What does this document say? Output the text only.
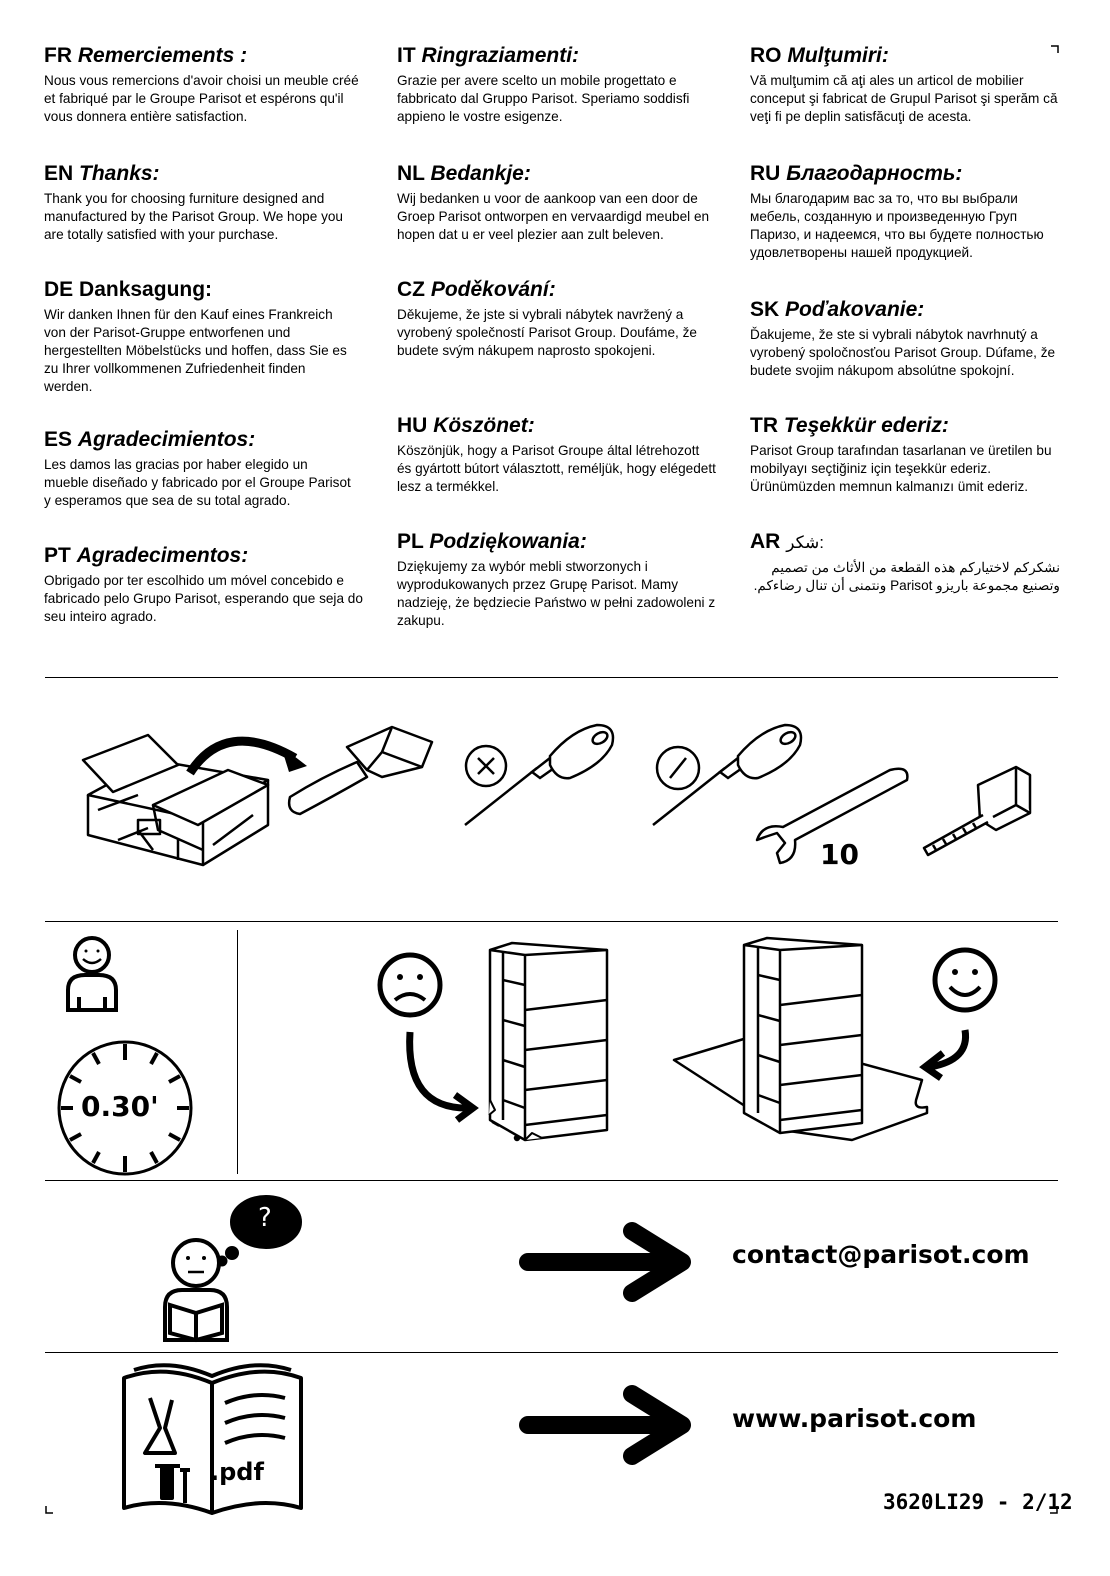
FR Remerciements :

Nous vous remercions d'avoir choisi un meuble créé et fabriqué par le Groupe Parisot et espérons qu'il vous donnera entière satisfaction.

EN Thanks:

Thank you for choosing furniture designed and manufactured by the Parisot Group. We hope you are totally satisfied with your purchase.

DE Danksagung:

Wir danken Ihnen für den Kauf eines Frankreich von der Parisot-Gruppe entworfenen und hergestellten Möbelstücks und hoffen, dass Sie es zu Ihrer vollkommenen Zufriedenheit finden werden.

ES Agradecimientos:

Les damos las gracias por haber elegido un mueble diseñado y fabricado por el Groupe Parisot y esperamos que sea de su total agrado.

PT Agradecimentos:

Obrigado por ter escolhido um móvel concebido e fabricado pelo Grupo Parisot, esperando que seja do seu inteiro agrado.

IT Ringraziamenti:

Grazie per avere scelto un mobile progettato e fabbricato dal Gruppo Parisot. Speriamo soddisfi appieno le vostre esigenze.

NL Bedankje:

Wij bedanken u voor de aankoop van een door de Groep Parisot ontworpen en vervaardigd meubel en hopen dat u er veel plezier aan zult beleven.

CZ Poděkování:

Děkujeme, že jste si vybrali nábytek navržený a vyrobený společností Parisot Group. Doufáme, že budete svým nákupem naprosto spokojeni.

HU Köszönet:

Köszönjük, hogy a Parisot Groupe által létrehozott és gyártott bútort választott, reméljük, hogy elégedett lesz a termékkel.

PL Podziękowania:

Dziękujemy za wybór mebli stworzonych i wyprodukowanych przez Grupę Parisot. Mamy nadzieję, że będziecie Państwo w pełni zadowoleni z zakupu.

RO Mulţumiri:

Vă mulţumim că aţi ales un articol de mobilier conceput şi fabricat de Grupul Parisot şi sperăm că veţi fi pe deplin satisfăcuţi de acesta.

RU Благодарность:

Мы благодарим вас за то, что вы выбрали мебель, созданную и произведенную Груп Паризо, и надеемся, что вы будете полностью удовлетворены нашей продукцией.

SK Poďakovanie:

Ďakujeme, že ste si vybrali nábytok navrhnutý a vyrobený spoločnosťou Parisot Group. Dúfame, že budete svojim nákupom absolútne spokojní.

TR Teşekkür ederiz:

Parisot Group tarafından tasarlanan ve üretilen bu mobilyayı seçtiğiniz için teşekkür ederiz. Ürünümüzden memnun kalmanızı ümit ederiz.

AR شكر:

نشكركم لاختياركم هذه القطعة من الأثاث من تصميم وتصنيع مجموعة باريزو Parisot ونتمنى أن تنال رضاءكم.

10
0.30'
?
contact@parisot.com
.pdf
www.parisot.com
3620LI29 - 2/12
